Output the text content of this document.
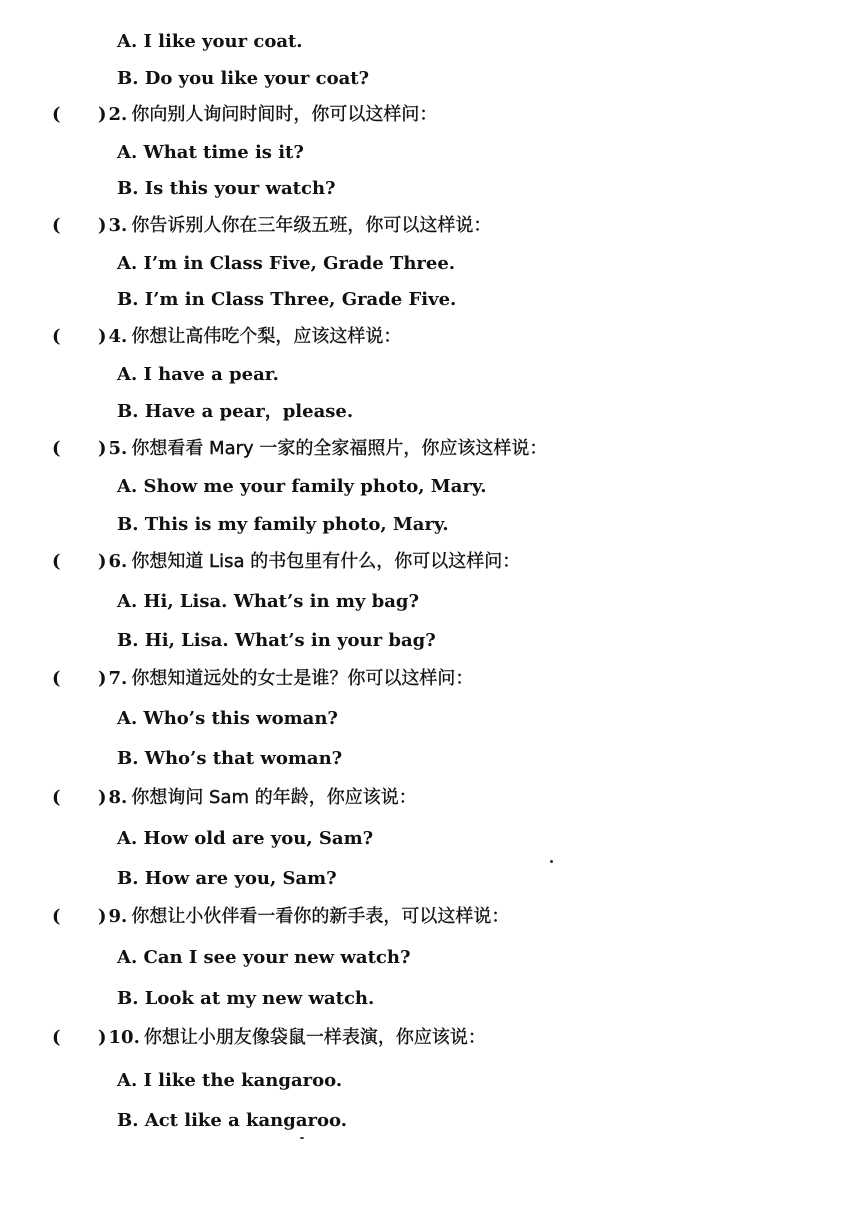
A. I like your coat.
B. Do you like your coat?
( ) 2. 你向别人询问时间时，你可以这样问：
A. What time is it?
B. Is this your watch?
( ) 3. 你告诉别人你在三年级五班，你可以这样说：
A. I’m in Class Five, Grade Three.
B. I’m in Class Three, Grade Five.
( ) 4. 你想让高伟吃个梨，应该这样说：
A. I have a pear.
B. Have a pear，please.
( ) 5. 你想看看 Mary 一家的全家福照片，你应该这样说：
A. Show me your family photo, Mary.
B. This is my family photo, Mary.
( ) 6. 你想知道 Lisa 的书包里有什么，你可以这样问：
A. Hi, Lisa. What’s in my bag?
B. Hi, Lisa. What’s in your bag?
( ) 7. 你想知道远处的女士是谁？你可以这样问：
A. Who’s this woman?
B. Who’s that woman?
( ) 8. 你想询问 Sam 的年龄，你应该说：
A. How old are you, Sam?
B. How are you, Sam?
( ) 9. 你想让小伙伴看一看你的新手表，可以这样说：
A. Can I see your new watch?
B. Look at my new watch.
( ) 10. 你想让小朋友像袋鼠一样表演，你应该说：
A. I like the kangaroo.
B. Act like a kangaroo.
